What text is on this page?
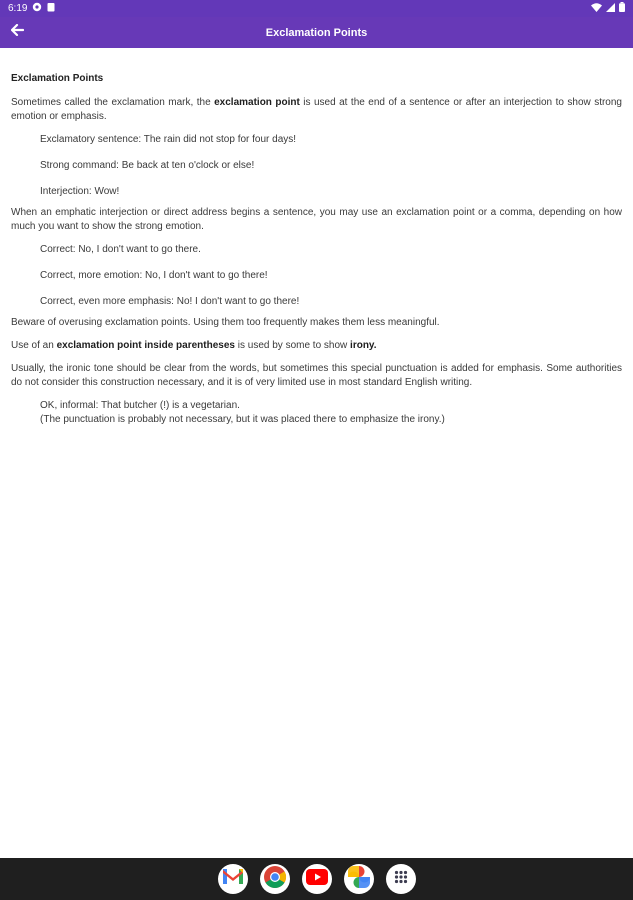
6:19
Exclamation Points
Exclamation Points

Sometimes called the exclamation mark, the exclamation point is used at the end of a sentence or after an interjection to show strong emotion or emphasis.

Exclamatory sentence: The rain did not stop for four days!

Strong command: Be back at ten o'clock or else!

Interjection: Wow!

When an emphatic interjection or direct address begins a sentence, you may use an exclamation point or a comma, depending on how much you want to show the strong emotion.

Correct: No, I don't want to go there.

Correct, more emotion: No, I don't want to go there!

Correct, even more emphasis: No! I don't want to go there!

Beware of overusing exclamation points. Using them too frequently makes them less meaningful.

Use of an exclamation point inside parentheses is used by some to show irony.

Usually, the ironic tone should be clear from the words, but sometimes this special punctuation is added for emphasis. Some authorities do not consider this construction necessary, and it is of very limited use in most standard English writing.

OK, informal: That butcher (!) is a vegetarian.

(The punctuation is probably not necessary, but it was placed there to emphasize the irony.)
